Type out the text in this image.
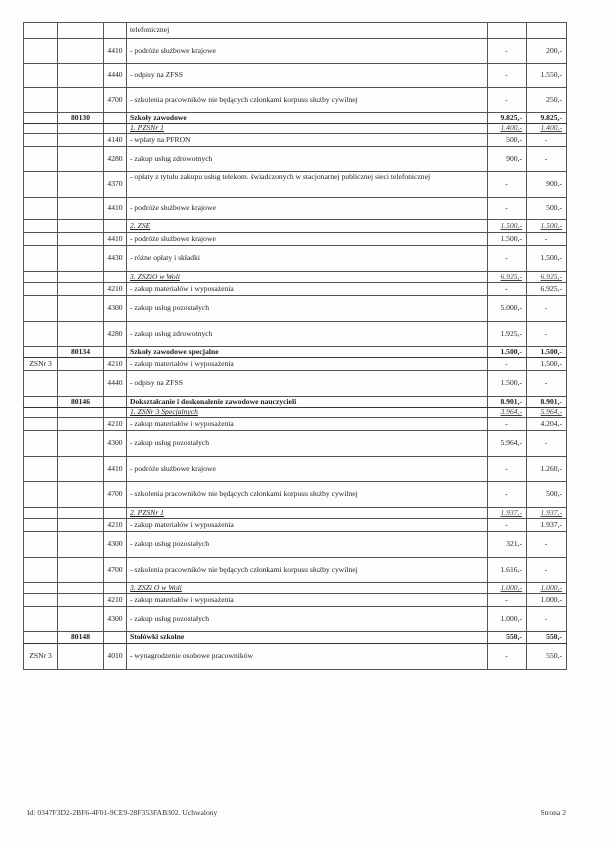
			telefonicznej		
		4410	- podróże służbowe krajowe	-	200,-
		4440	- odpisy na ZFSS	-	1.550,-
		4700	- szkolenia pracowników nie będących członkami korpusu służby cywilnej	-	250,-
	80130		Szkoły zawodowe	9.825,-	9.825,-
			1. PZSNr 1	1.400,-	1.400,-
		4140	- wpłaty na PFRON	500,-	-
		4280	- zakup usług zdrowotnych	900,-	-
		4370	- opłaty z tytułu zakupu usług telekom. świadczonych w stacjonarnej publicznej sieci telefonicznej	-	900,-
		4410	- podróże służbowe krajowe	-	500,-
			2. ZSE	1.500,-	1.500,-
		4410	- podróże służbowe krajowe	1.500,-	-
		4430	- różne opłaty i składki	-	1.500,-
			3. ZSZiO w Woli	6.925,-	6.925,-
		4210	- zakup materiałów i wyposażenia	-	6.925,-
		4300	- zakup usług pozostałych	5.000,-	-
		4280	- zakup usług zdrowotnych	1.925,-	-
	80134		Szkoły zawodowe specjalne	1.500,-	1.500,-
ZSNr 3		4210	- zakup materiałów i wyposażenia	-	1.500,-
		4440	- odpisy na ZFSS	1.500,-	-
	80146		Dokształcanie i doskonalenie zawodowe nauczycieli	8.901,-	8.901,-
			1. ZSNr 3 Specjalnych	3.964,-	5.964,-
		4210	- zakup materiałów i wyposażenia	-	4.204,-
		4300	- zakup usług pozostałych	5.964,-	-
		4410	- podróże służbowe krajowe	-	1.260,-
		4700	- szkolenia pracowników nie będących członkami korpusu służby cywilnej	-	500,-
			2. PZSNr 1	1.937,-	1.937,-
		4210	- zakup materiałów i wyposażenia	-	1.937,-
		4300	- zakup usług pozostałych	321,-	-
		4700	- szkolenia pracowników nie będących członkami korpusu służby cywilnej	1.616,-	-
			3. ZSZi O w Woli	1.000,-	1.000,-
		4210	- zakup materiałów i wyposażenia	-	1.000,-
		4300	- zakup usług pozostałych	1.000,-	-
	80148		Stołówki szkolne	550,-	550,-
ZSNr 3		4010	- wynagrodzenie osobowe pracowników	-	550,-
Id: 0347F3D2-2BF6-4F01-9CE9-28F353FAB302. Uchwalony	Strona 2
